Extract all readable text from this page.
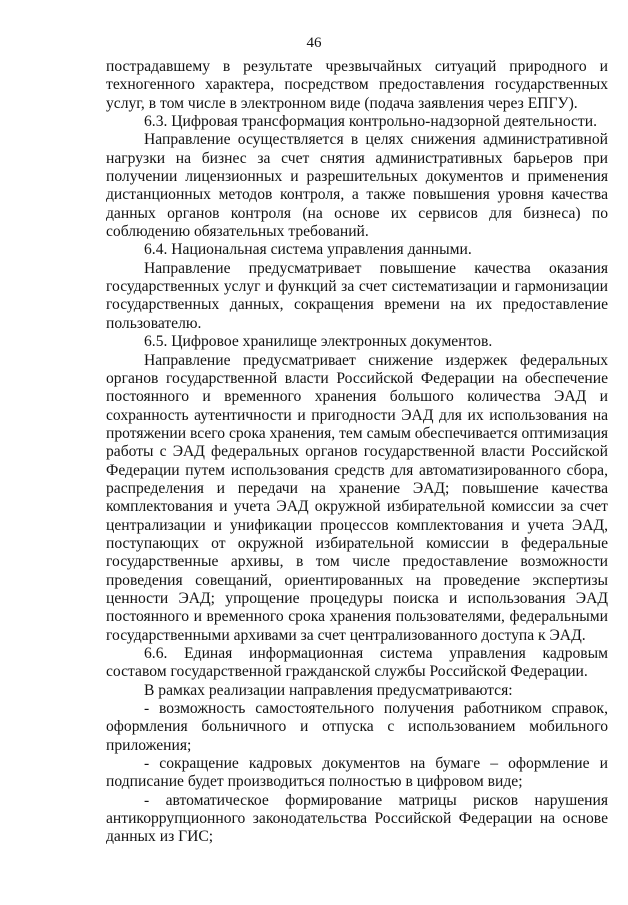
46

пострадавшему в результате чрезвычайных ситуаций природного и техногенного характера, посредством предоставления государственных услуг, в том числе в электронном виде (подача заявления через ЕПГУ).

6.3. Цифровая трансформация контрольно-надзорной деятельности.

Направление осуществляется в целях снижения административной нагрузки на бизнес за счет снятия административных барьеров при получении лицензионных и разрешительных документов и применения дистанционных методов контроля, а также повышения уровня качества данных органов контроля (на основе их сервисов для бизнеса) по соблюдению обязательных требований.

6.4. Национальная система управления данными.

Направление предусматривает повышение качества оказания государственных услуг и функций за счет систематизации и гармонизации государственных данных, сокращения времени на их предоставление пользователю.

6.5. Цифровое хранилище электронных документов.

Направление предусматривает снижение издержек федеральных органов государственной власти Российской Федерации на обеспечение постоянного и временного хранения большого количества ЭАД и сохранность аутентичности и пригодности ЭАД для их использования на протяжении всего срока хранения, тем самым обеспечивается оптимизация работы с ЭАД федеральных органов государственной власти Российской Федерации путем использования средств для автоматизированного сбора, распределения и передачи на хранение ЭАД; повышение качества комплектования и учета ЭАД окружной избирательной комиссии за счет централизации и унификации процессов комплектования и учета ЭАД, поступающих от окружной избирательной комиссии в федеральные государственные архивы, в том числе предоставление возможности проведения совещаний, ориентированных на проведение экспертизы ценности ЭАД; упрощение процедуры поиска и использования ЭАД постоянного и временного срока хранения пользователями, федеральными государственными архивами за счет централизованного доступа к ЭАД.

6.6. Единая информационная система управления кадровым составом государственной гражданской службы Российской Федерации.

В рамках реализации направления предусматриваются:

- возможность самостоятельного получения работником справок, оформления больничного и отпуска с использованием мобильного приложения;

- сокращение кадровых документов на бумаге – оформление и подписание будет производиться полностью в цифровом виде;

- автоматическое формирование матрицы рисков нарушения антикоррупционного законодательства Российской Федерации на основе данных из ГИС;
